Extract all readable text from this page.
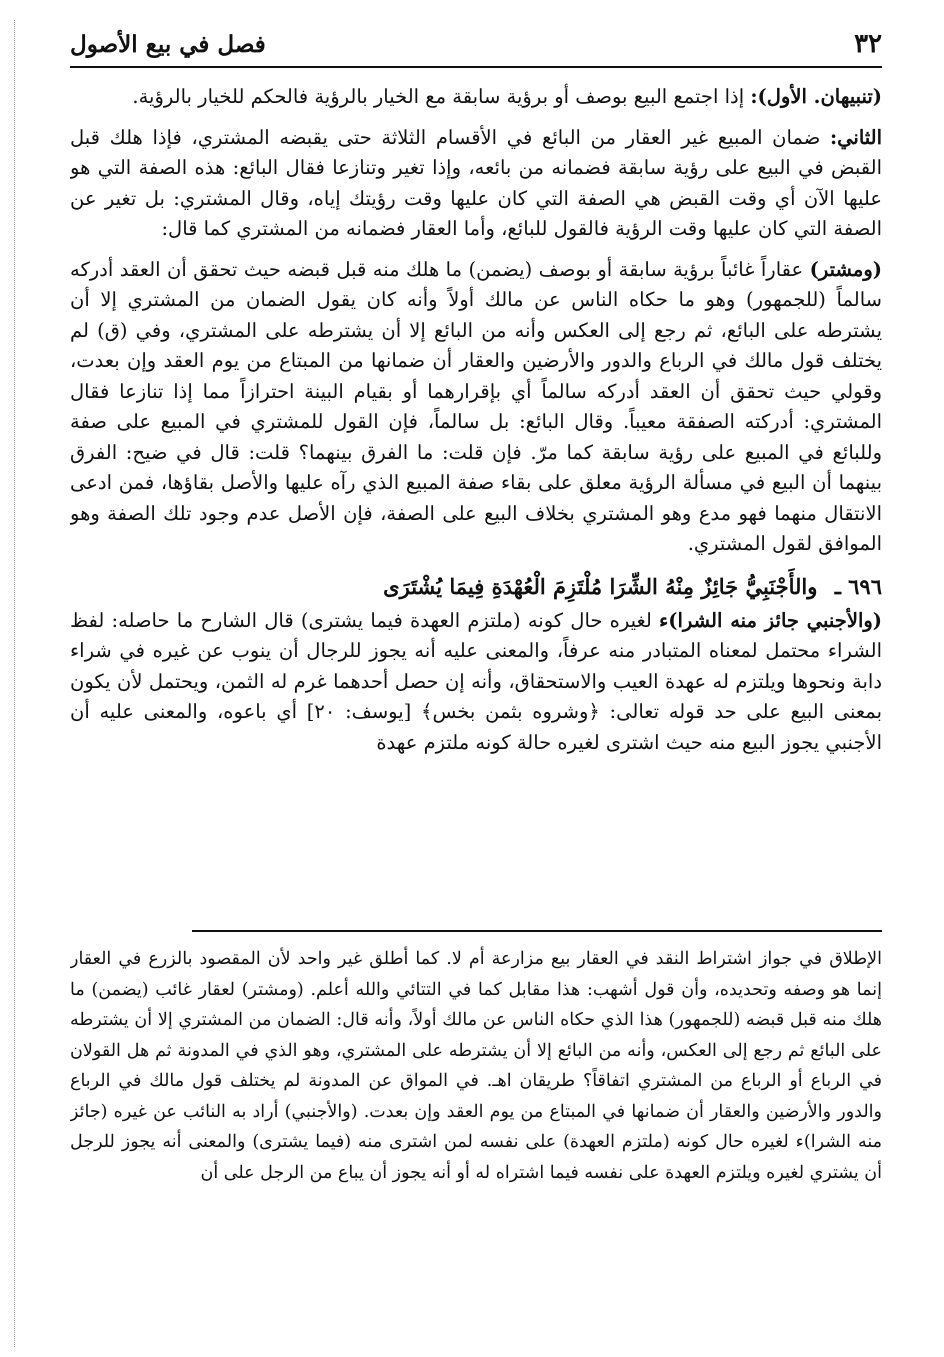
٣٢
فصل في بيع الأصول

(تنبيهان. الأول): إذا اجتمع البيع بوصف أو برؤية سابقة مع الخيار بالرؤية فالحكم للخيار بالرؤية.

الثاني: ضمان المبيع غير العقار من البائع في الأقسام الثلاثة حتى يقبضه المشتري، فإذا هلك قبل القبض في البيع على رؤية سابقة فضمانه من بائعه، وإذا تغير وتنازعا فقال البائع: هذه الصفة التي هو عليها الآن أي وقت القبض هي الصفة التي كان عليها وقت رؤيتك إياه، وقال المشتري: بل تغير عن الصفة التي كان عليها وقت الرؤية فالقول للبائع، وأما العقار فضمانه من المشتري كما قال:

(ومشتر) عقاراً غائباً برؤية سابقة أو بوصف (يضمن) ما هلك منه قبل قبضه حيث تحقق أن العقد أدركه سالماً (للجمهور) وهو ما حكاه الناس عن مالك أولاً وأنه كان يقول الضمان من المشتري إلا أن يشترطه على البائع، ثم رجع إلى العكس وأنه من البائع إلا أن يشترطه على المشتري، وفي (ق) لم يختلف قول مالك في الرباع والدور والأرضين والعقار أن ضمانها من المبتاع من يوم العقد وإن بعدت، وقولي حيث تحقق أن العقد أدركه سالماً أي بإقرارهما أو بقيام البينة احترازاً مما إذا تنازعا فقال المشتري: أدركته الصفقة معيباً. وقال البائع: بل سالماً، فإن القول للمشتري في المبيع على صفة وللبائع في المبيع على رؤية سابقة كما مرّ. فإن قلت: ما الفرق بينهما؟ قلت: قال في ضيح: الفرق بينهما أن البيع في مسألة الرؤية معلق على بقاء صفة المبيع الذي رآه عليها والأصل بقاؤها، فمن ادعى الانتقال منهما فهو مدع وهو المشتري بخلاف البيع على الصفة، فإن الأصل عدم وجود تلك الصفة وهو الموافق لقول المشتري.

٦٩٦ ـ والأَجْنَبِيُّ جَائِزٌ مِنْهُ الشِّرَا مُلْتَزِمَ الْعُهْدَةِ فِيمَا يُشْتَرَى

(والأجنبي جائز منه الشرا)ء لغيره حال كونه (ملتزم العهدة فيما يشترى) قال الشارح ما حاصله: لفظ الشراء محتمل لمعناه المتبادر منه عرفاً، والمعنى عليه أنه يجوز للرجال أن ينوب عن غيره في شراء دابة ونحوها ويلتزم له عهدة العيب والاستحقاق، وأنه إن حصل أحدهما غرم له الثمن، ويحتمل لأن يكون بمعنى البيع على حد قوله تعالى: ﴿وشروه بثمن بخس﴾ [يوسف: ٢٠] أي باعوه، والمعنى عليه أن الأجنبي يجوز البيع منه حيث اشترى لغيره حالة كونه ملتزم عهدة

الإطلاق في جواز اشتراط النقد في العقار بيع مزارعة أم لا. كما أطلق غير واحد لأن المقصود بالزرع في العقار إنما هو وصفه وتحديده، وأن قول أشهب: هذا مقابل كما في التتائي والله أعلم. (ومشتر) لعقار غائب (يضمن) ما هلك منه قبل قبضه (للجمهور) هذا الذي حكاه الناس عن مالك أولاً، وأنه قال: الضمان من المشتري إلا أن يشترطه على البائع ثم رجع إلى العكس، وأنه من البائع إلا أن يشترطه على المشتري، وهو الذي في المدونة ثم هل القولان في الرباع أو الرباع من المشتري اتفاقاً؟ طريقان اهـ. في المواق عن المدونة لم يختلف قول مالك في الرباع والدور والأرضين والعقار أن ضمانها في المبتاع من يوم العقد وإن بعدت. (والأجنبي) أراد به النائب عن غيره (جائز منه الشرا)ء لغيره حال كونه (ملتزم العهدة) على نفسه لمن اشترى منه (فيما يشترى) والمعنى أنه يجوز للرجل أن يشتري لغيره ويلتزم العهدة على نفسه فيما اشتراه له أو أنه يجوز أن يباع من الرجل على أن
